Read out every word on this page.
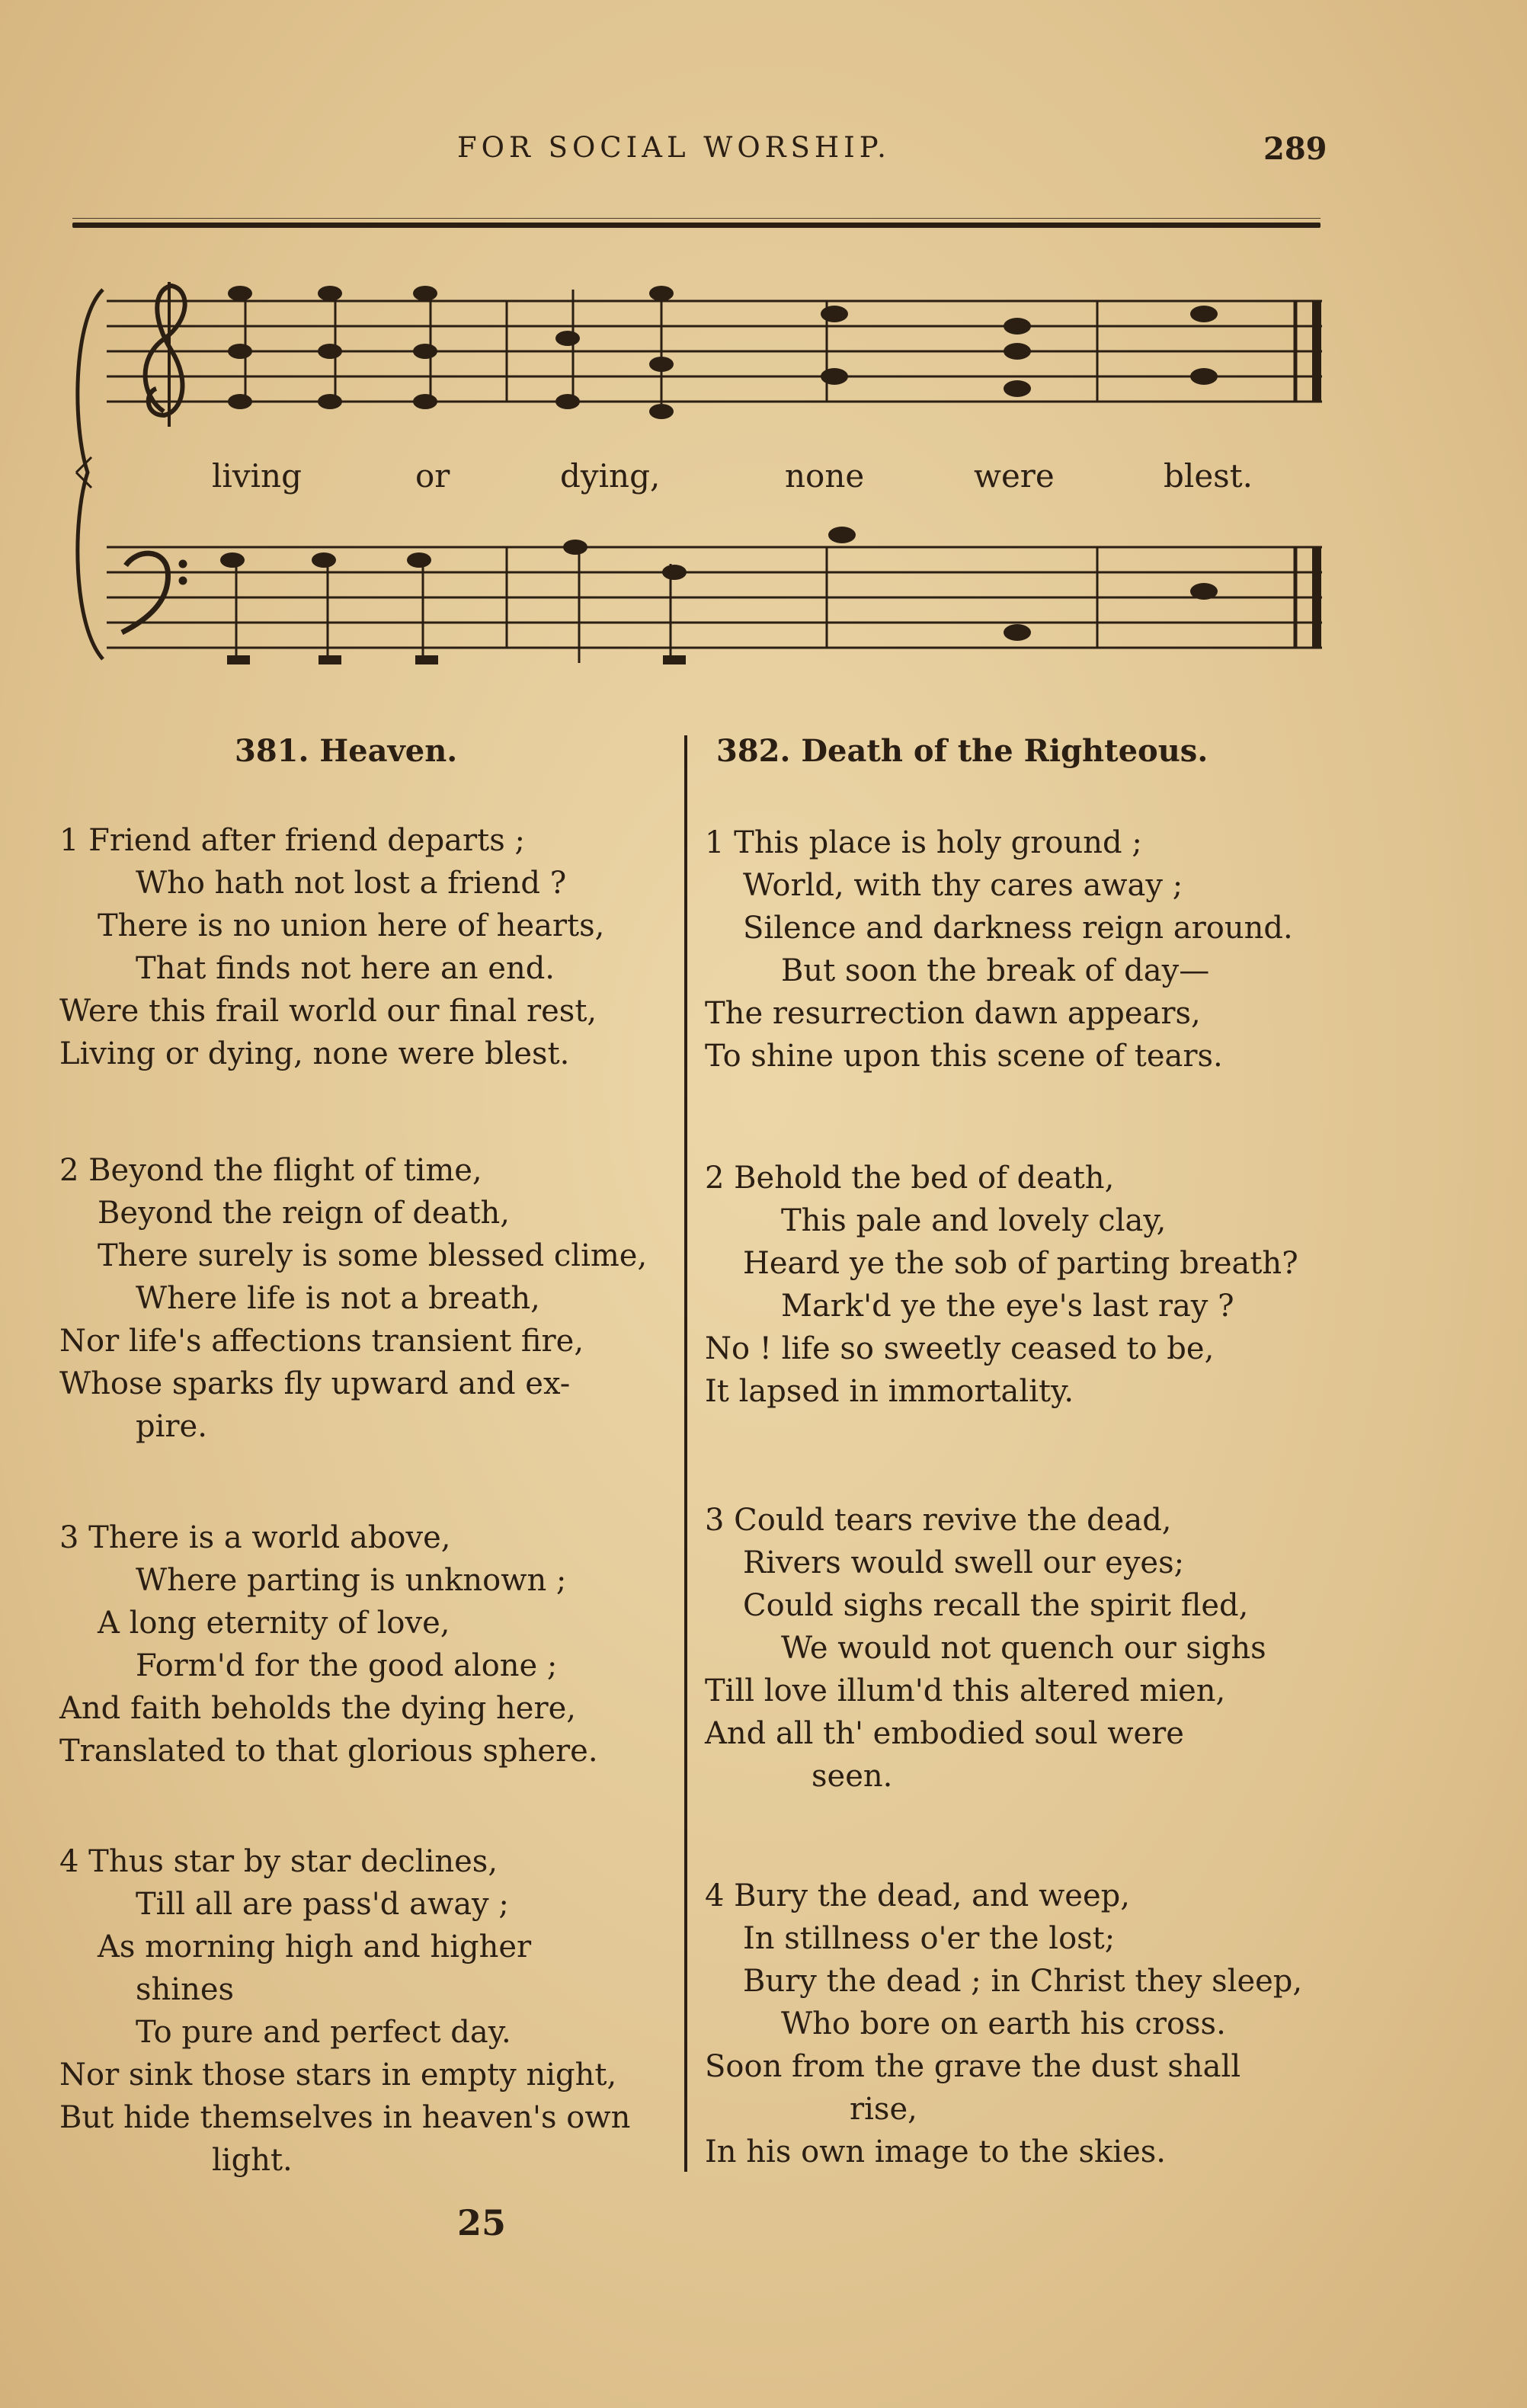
FOR SOCIAL WORSHIP.	289
living	or	dying,	none	were	blest.
381. Heaven.	382. Death of the Righteous.
1 Friend after friend departs ;
Who hath not lost a friend ?
There is no union here of hearts,
That finds not here an end.
Were this frail world our final rest,
Living or dying, none were blest.
2 Beyond the flight of time,
Beyond the reign of death,
There surely is some blessed clime,
Where life is not a breath,
Nor life's affections transient fire,
Whose sparks fly upward and ex-
pire.
3 There is a world above,
Where parting is unknown ;
A long eternity of love,
Form'd for the good alone ;
And faith beholds the dying here,
Translated to that glorious sphere.
4 Thus star by star declines,
Till all are pass'd away ;
As morning high and higher
shines
To pure and perfect day.
Nor sink those stars in empty night,
But hide themselves in heaven's own
light.
1 This place is holy ground ;
World, with thy cares away ;
Silence and darkness reign around.
But soon the break of day—
The resurrection dawn appears,
To shine upon this scene of tears.
2 Behold the bed of death,
This pale and lovely clay,
Heard ye the sob of parting breath?
Mark'd ye the eye's last ray ?
No ! life so sweetly ceased to be,
It lapsed in immortality.
3 Could tears revive the dead,
Rivers would swell our eyes;
Could sighs recall the spirit fled,
We would not quench our sighs
Till love illum'd this altered mien,
And all th' embodied soul were
seen.
4 Bury the dead, and weep,
In stillness o'er the lost;
Bury the dead ; in Christ they sleep,
Who bore on earth his cross.
Soon from the grave the dust shall
rise,
In his own image to the skies.
25
